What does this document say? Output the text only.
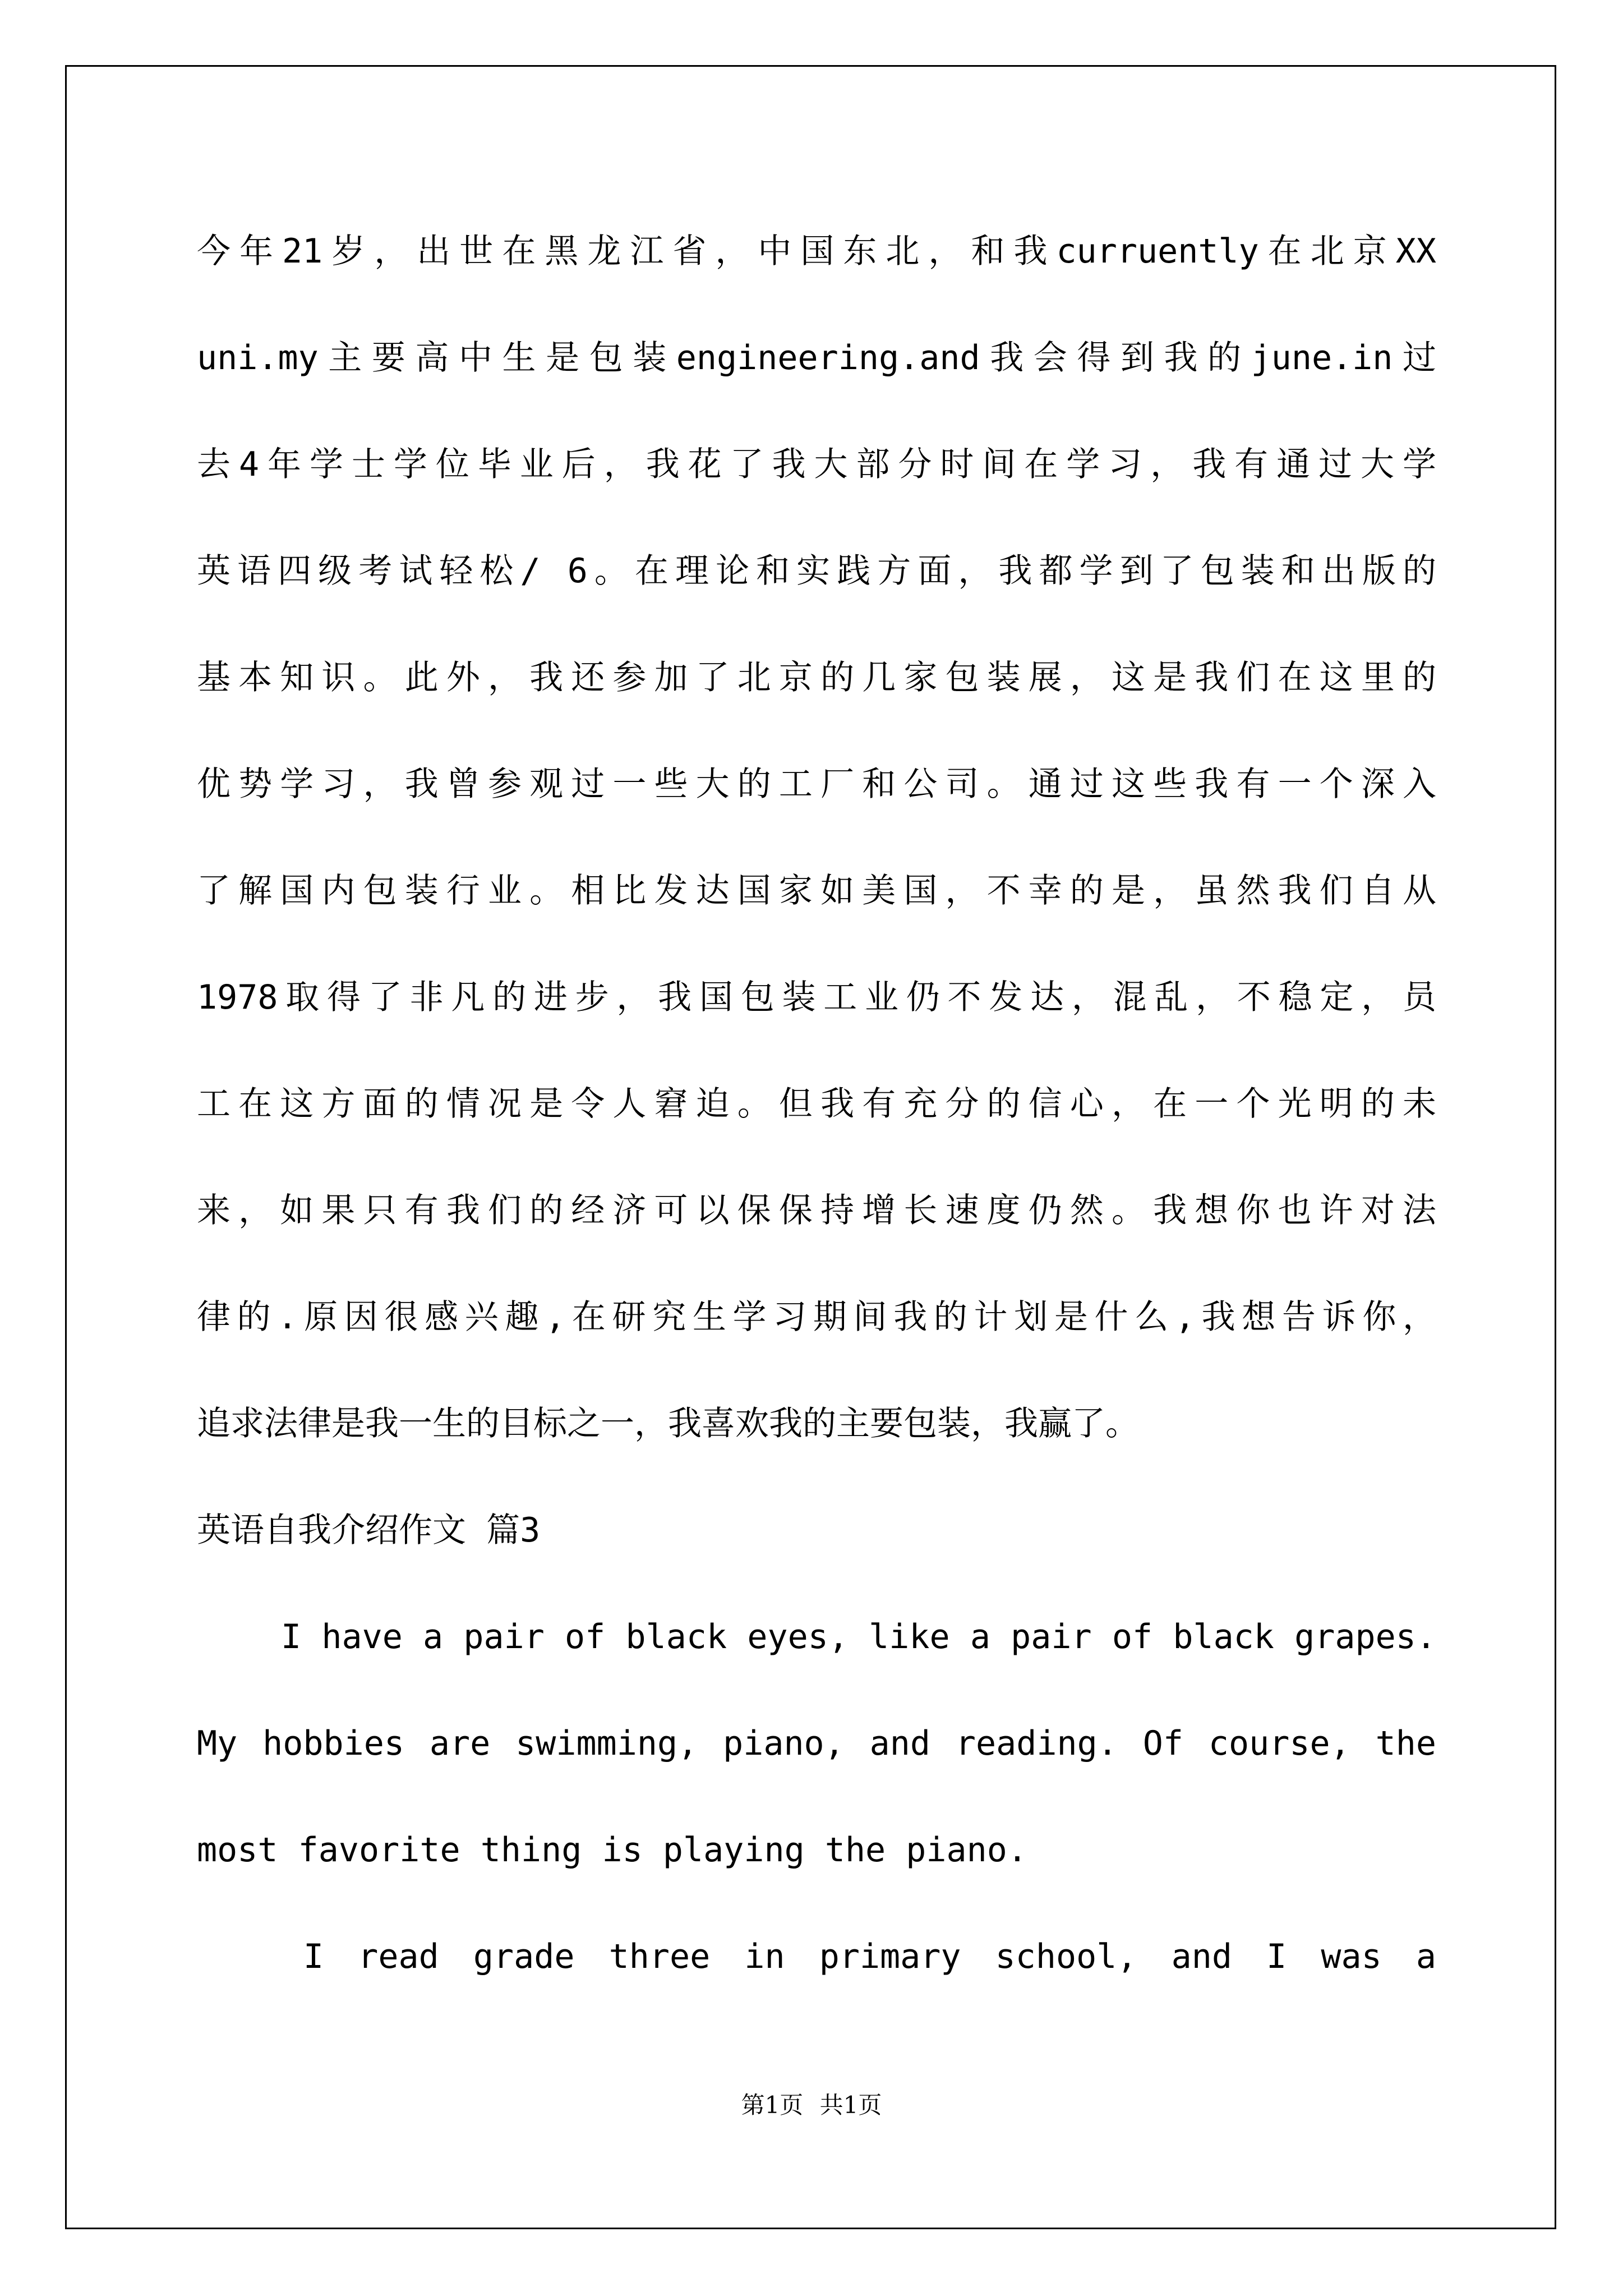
今年21岁，出世在黑龙江省，中国东北，和我curruently在北京XX
uni.my主要高中生是包装engineering.and我会得到我的june.in过
去4年学士学位毕业后，我花了我大部分时间在学习，我有通过大学
英语四级考试轻松/ 6。在理论和实践方面，我都学到了包装和出版的
基本知识。此外，我还参加了北京的几家包装展，这是我们在这里的
优势学习，我曾参观过一些大的工厂和公司。通过这些我有一个深入
了解国内包装行业。相比发达国家如美国，不幸的是，虽然我们自从
1978取得了非凡的进步，我国包装工业仍不发达，混乱，不稳定，员
工在这方面的情况是令人窘迫。但我有充分的信心，在一个光明的未
来，如果只有我们的经济可以保保持增长速度仍然。我想你也许对法
律的.原因很感兴趣,在研究生学习期间我的计划是什么,我想告诉你，
追求法律是我一生的目标之一，我喜欢我的主要包装，我赢了。
英语自我介绍作文 篇3
I have a pair of black eyes, like a pair of black grapes.
My hobbies are swimming, piano, and reading. Of course, the
most favorite thing is playing the piano.
I read grade three in primary school, and I was a
第1页 共1页
